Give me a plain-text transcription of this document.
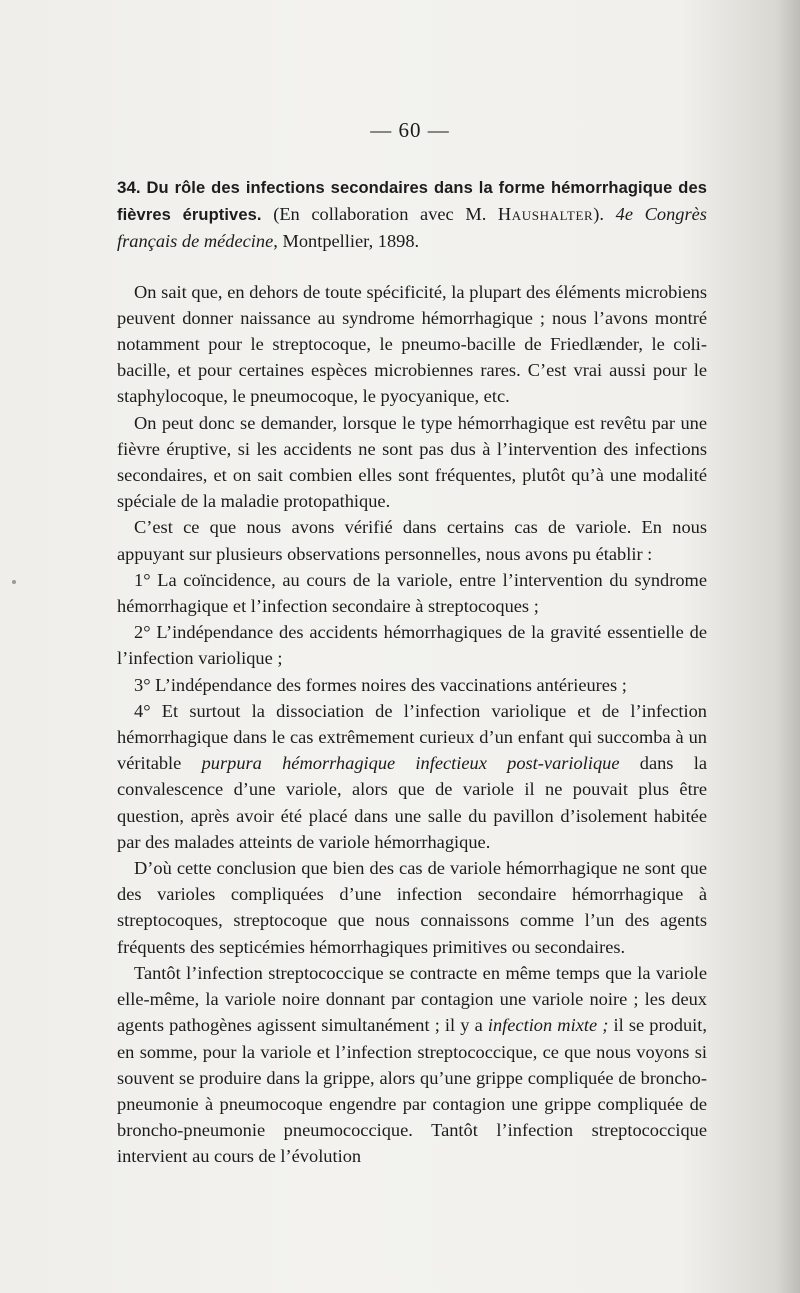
— 60 —

34. Du rôle des infections secondaires dans la forme hémorrhagique des fièvres éruptives. (En collaboration avec M. Haushalter). 4e Congrès français de médecine, Montpellier, 1898.

On sait que, en dehors de toute spécificité, la plupart des éléments microbiens peuvent donner naissance au syndrome hémorrhagique ; nous l’avons montré notamment pour le streptocoque, le pneumo-bacille de Friedlænder, le coli-bacille, et pour certaines espèces microbiennes rares. C’est vrai aussi pour le staphylocoque, le pneumocoque, le pyocyanique, etc.

On peut donc se demander, lorsque le type hémorrhagique est revêtu par une fièvre éruptive, si les accidents ne sont pas dus à l’intervention des infections secondaires, et on sait combien elles sont fréquentes, plutôt qu’à une modalité spéciale de la maladie protopathique.

C’est ce que nous avons vérifié dans certains cas de variole. En nous appuyant sur plusieurs observations personnelles, nous avons pu établir :

1° La coïncidence, au cours de la variole, entre l’intervention du syndrome hémorrhagique et l’infection secondaire à streptocoques ;

2° L’indépendance des accidents hémorrhagiques de la gravité essentielle de l’infection variolique ;

3° L’indépendance des formes noires des vaccinations antérieures ;

4° Et surtout la dissociation de l’infection variolique et de l’infection hémorrhagique dans le cas extrêmement curieux d’un enfant qui succomba à un véritable purpura hémorrhagique infectieux post-variolique dans la convalescence d’une variole, alors que de variole il ne pouvait plus être question, après avoir été placé dans une salle du pavillon d’isolement habitée par des malades atteints de variole hémorrhagique.

D’où cette conclusion que bien des cas de variole hémorrhagique ne sont que des varioles compliquées d’une infection secondaire hémorrhagique à streptocoques, streptocoque que nous connaissons comme l’un des agents fréquents des septicémies hémorrhagiques primitives ou secondaires.

Tantôt l’infection streptococcique se contracte en même temps que la variole elle-même, la variole noire donnant par contagion une variole noire ; les deux agents pathogènes agissent simultanément ; il y a infection mixte ; il se produit, en somme, pour la variole et l’infection streptococcique, ce que nous voyons si souvent se produire dans la grippe, alors qu’une grippe compliquée de broncho-pneumonie à pneumocoque engendre par contagion une grippe compliquée de broncho-pneumonie pneumococcique. Tantôt l’infection streptococcique intervient au cours de l’évolution
